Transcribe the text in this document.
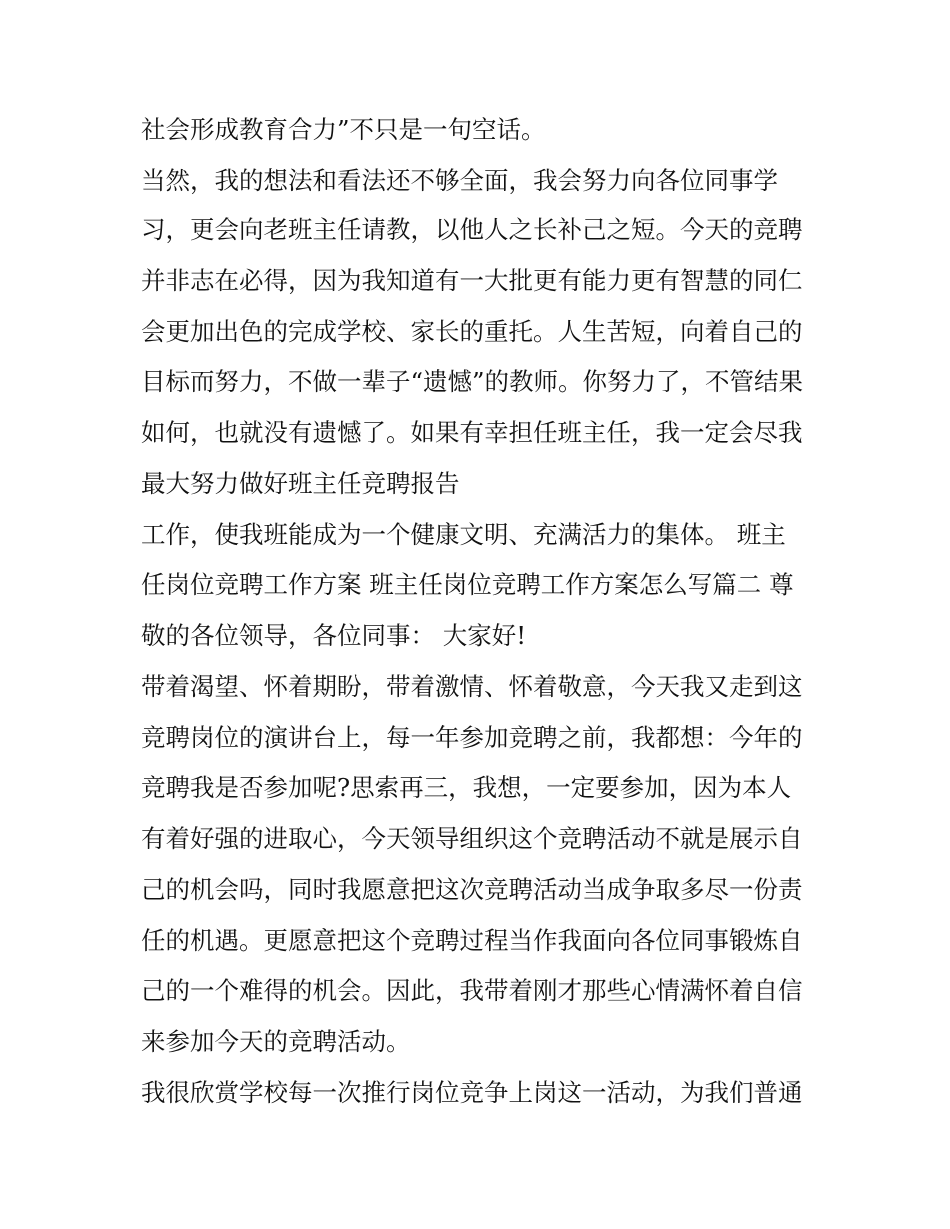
社会形成教育合力”不只是一句空话。

当然，我的想法和看法还不够全面，我会努力向各位同事学

习，更会向老班主任请教，以他人之长补己之短。今天的竞聘

并非志在必得，因为我知道有一大批更有能力更有智慧的同仁

会更加出色的完成学校、家长的重托。人生苦短，向着自己的

目标而努力，不做一辈子“遗憾”的教师。你努力了，不管结果

如何，也就没有遗憾了。如果有幸担任班主任，我一定会尽我

最大努力做好班主任竞聘报告

工作，使我班能成为一个健康文明、充满活力的集体。 班主

任岗位竞聘工作方案 班主任岗位竞聘工作方案怎么写篇二 尊

敬的各位领导，各位同事： 大家好!

带着渴望、怀着期盼，带着激情、怀着敬意，今天我又走到这

竞聘岗位的演讲台上，每一年参加竞聘之前，我都想：今年的

竞聘我是否参加呢?思索再三，我想，一定要参加，因为本人

有着好强的进取心，今天领导组织这个竞聘活动不就是展示自

己的机会吗，同时我愿意把这次竞聘活动当成争取多尽一份责

任的机遇。更愿意把这个竞聘过程当作我面向各位同事锻炼自

己的一个难得的机会。因此，我带着刚才那些心情满怀着自信

来参加今天的竞聘活动。

我很欣赏学校每一次推行岗位竞争上岗这一活动，为我们普通
